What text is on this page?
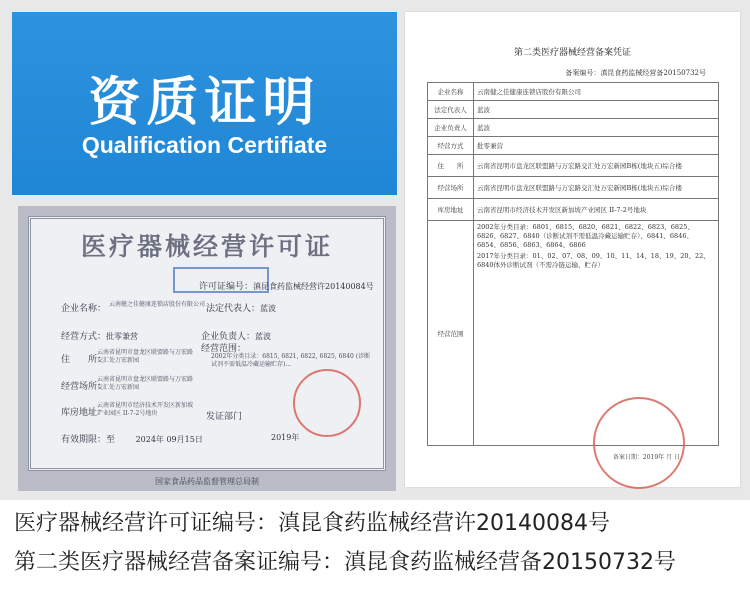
资质证明
Qualification Certifiate
医疗器械经营许可证
许可证编号：滇昆食药监械经营许20140084号
企业名称： 云南健之佳健康连锁店股份有限公司 法定代表人：蓝波
经营方式：批零兼营	企业负责人：蓝波
住　　所：
云南省昆明市盘龙区联盟路与万宏路交汇处万宏新园
经营范围：
2002年分类目录：6815, 6821, 6822, 6825, 6840 (诊断试剂不需低温冷藏运输贮存)...
经营场所：
云南省昆明市盘龙区联盟路与万宏路交汇处万宏新园
库房地址：
云南省昆明市经济技术开发区新加坡产业园区 II-7-2号地块	发证部门
有效期限：至	2024年 09月15日	2019年
国家食品药品监督管理总局制
第二类医疗器械经营备案凭证
备案编号：滇昆食药监械经营备20150732号
企业名称	云南健之佳健康连锁店股份有限公司
法定代表人	蓝波
企业负责人	蓝波
经营方式	批零兼营
住　　所	云南省昆明市盘龙区联盟路与万宏路交汇处万宏新园B栋(地块五)综合楼
经营场所	云南省昆明市盘龙区联盟路与万宏路交汇处万宏新园B栋(地块五)综合楼
库房地址	云南省昆明市经济技术开发区新加坡产业园区 II-7-2号地块
经营范围	2002年分类目录：6801、6815、6820、6821、6822、6823、6825、6826、6827、6840（诊断试剂不需低温冷藏运输贮存）、6841、6846、6854、6856、6863、6864、6866
2017年分类目录：01、02、07、08、09、10、11、14、18、19、20、22、6840体外诊断试剂（不需冷链运输、贮存）
备案日期：2019年 月 日
医疗器械经营许可证编号：滇昆食药监械经营许20140084号
第二类医疗器械经营备案证编号：滇昆食药监械经营备20150732号
